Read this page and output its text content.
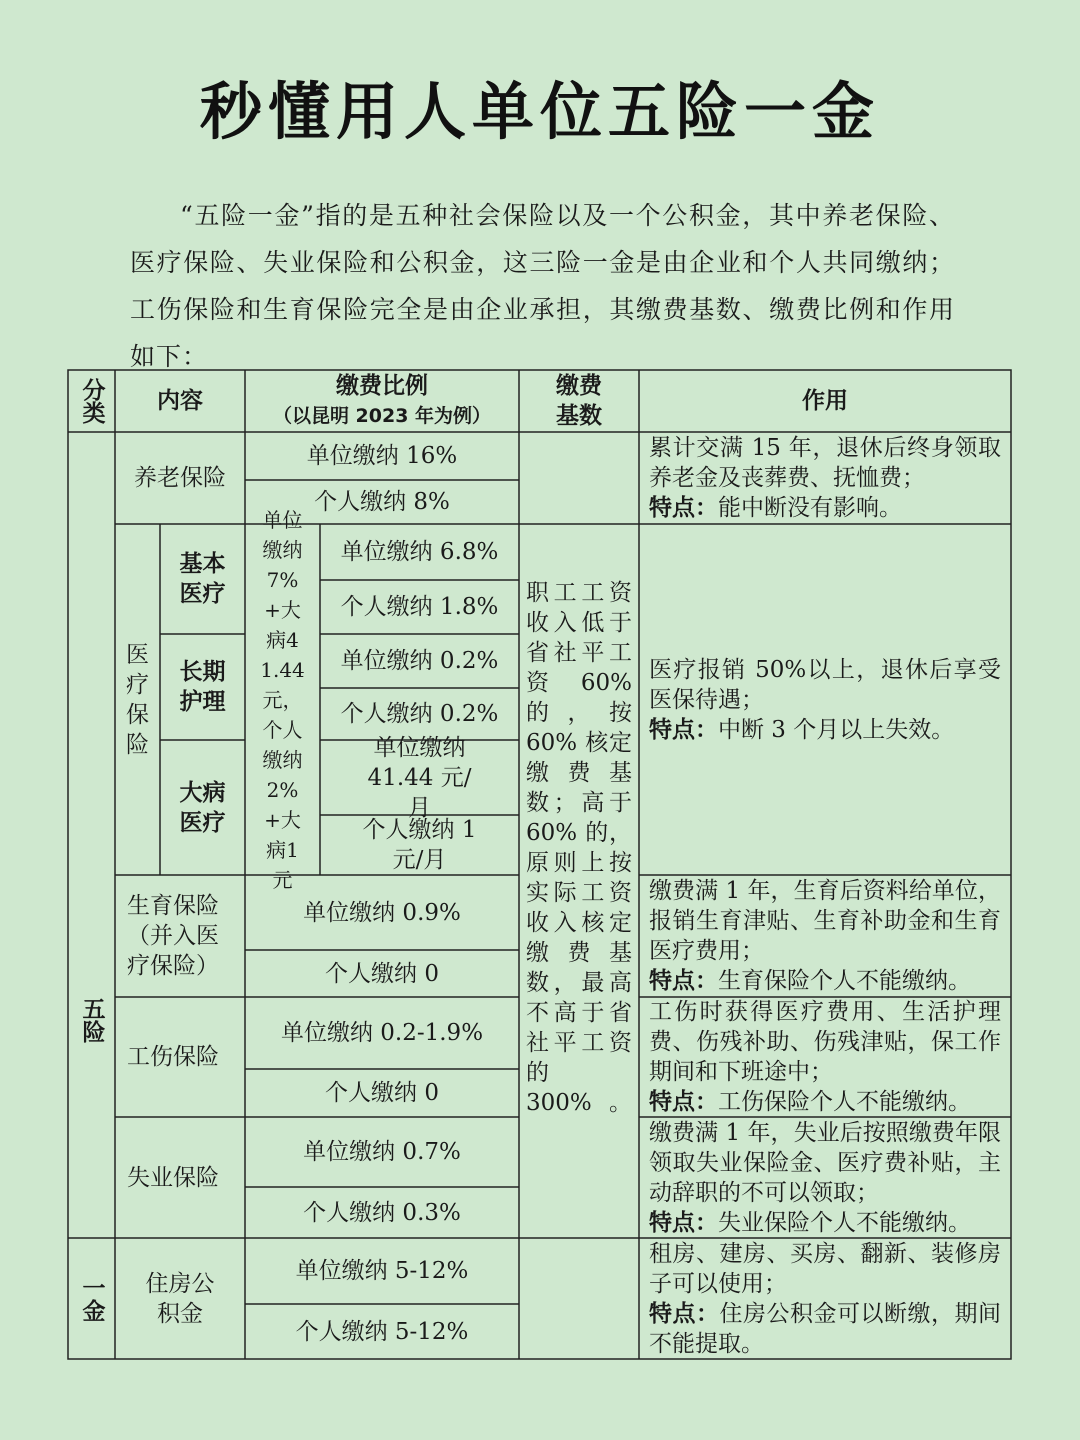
秒懂用人单位五险一金
“五险一金”指的是五种社会保险以及一个公积金，其中养老保险、医疗保险、失业保险和公积金，这三险一金是由企业和个人共同缴纳；工伤保险和生育保险完全是由企业承担，其缴费基数、缴费比例和作用如下：
分类	内容
缴费比例
（以昆明 2023 年为例）
缴费基数
作用
五险
一金
养老保险
单位缴纳 16%
个人缴纳 8%
累计交满 15 年，退休后终身领取养老金及丧葬费、抚恤费；
特点：能中断没有影响。
医疗保险
基本医疗
长期护理
大病医疗
单位缴纳7%+大病41.44元，个人缴纳2%+大病1元
单位缴纳 6.8%
个人缴纳 1.8%
单位缴纳 0.2%
个人缴纳 0.2%
单位缴纳 41.44 元/月
个人缴纳 1 元/月
医疗报销 50%以上，退休后享受医保待遇；
特点：中断 3 个月以上失效。
生育保险（并入医疗保险）
单位缴纳 0.9%
个人缴纳 0
缴费满 1 年，生育后资料给单位，报销生育津贴、生育补助金和生育医疗费用；
特点：生育保险个人不能缴纳。
工伤保险
单位缴纳 0.2-1.9%
个人缴纳 0
工伤时获得医疗费用、生活护理费、伤残补助、伤残津贴，保工作期间和下班途中；
特点：工伤保险个人不能缴纳。
失业保险
单位缴纳 0.7%
个人缴纳 0.3%
缴费满 1 年，失业后按照缴费年限领取失业保险金、医疗费补贴，主动辞职的不可以领取；
特点：失业保险个人不能缴纳。
住房公积金
单位缴纳 5-12%
个人缴纳 5-12%
租房、建房、买房、翻新、装修房子可以使用；
特点：住房公积金可以断缴，期间不能提取。
职工工资收入低于省社平工资 60% 的，按 60% 核定缴费基数；高于 60% 的，原则上按实际工资收入核定缴费基数，最高不高于省社平工资的 300%。
